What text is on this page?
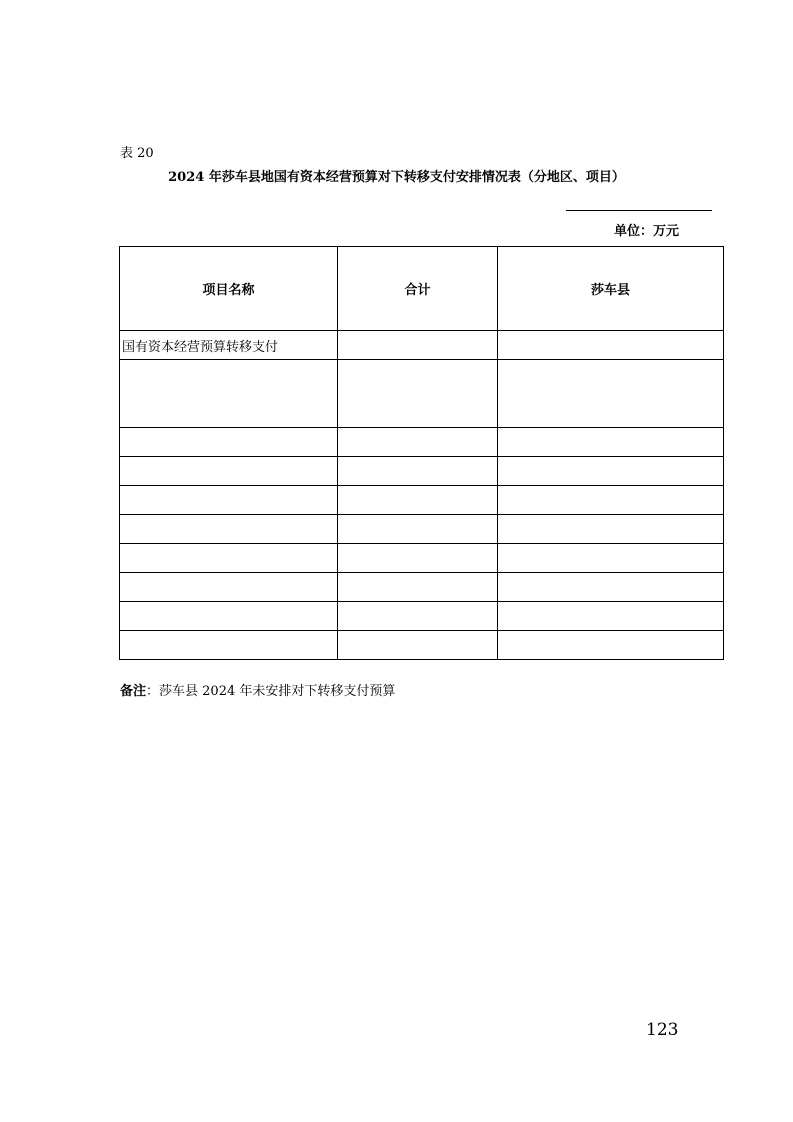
表 20
2024 年莎车县地国有资本经营预算对下转移支付安排情况表（分地区、项目）
单位：万元
项目名称	合计	莎车县
国有资本经营预算转移支付		

备注：莎车县 2024 年未安排对下转移支付预算
123
